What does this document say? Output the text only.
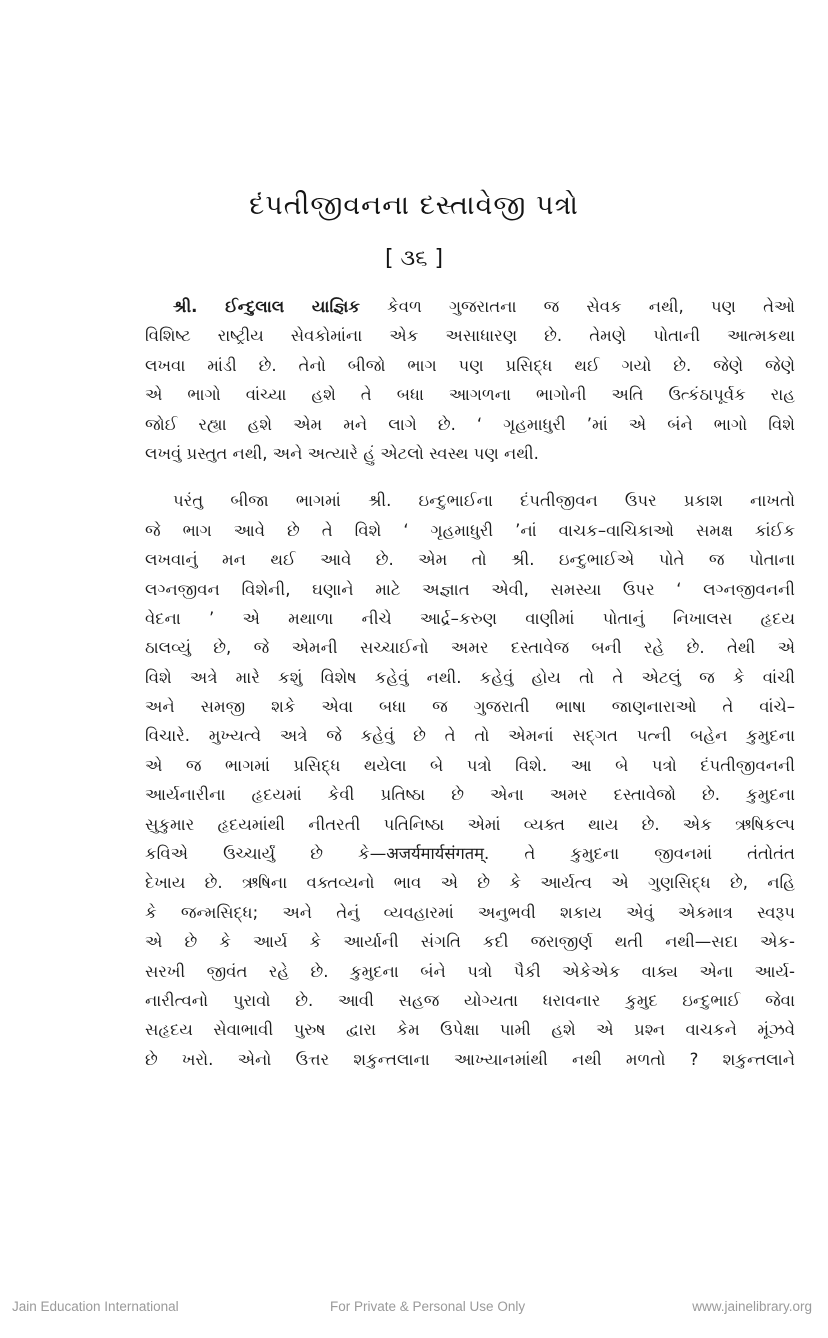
દંપતીજીવનના દસ્તાવેજી પત્રો
[ ૩૬ ]
શ્રી. ઈન્દુલાલ યાજ્ઞિક કેવળ ગુજરાતના જ સેવક નથી, પણ તેઓ
વિશિષ્ટ રાષ્ટ્રીય સેવકોમાંના એક અસાધારણ છે. તેમણે પોતાની આત્મકથા
લખવા માંડી છે. તેનો બીજો ભાગ પણ પ્રસિદ્ધ થઈ ગયો છે. જેણે જેણે
એ ભાગો વાંચ્યા હશે તે બધા આગળના ભાગોની અતિ ઉત્કંઠાપૂર્વક રાહ
જોઈ રહ્યા હશે એમ મને લાગે છે. ‘ ગૃહમાધુરી ’માં એ બંને ભાગો વિશે
લખવું પ્રસ્તુત નથી, અને અત્યારે હું એટલો સ્વસ્થ પણ નથી.
પરંતુ બીજા ભાગમાં શ્રી. ઇન્દુભાઈના દંપતીજીવન ઉપર પ્રકાશ નાખતો
જે ભાગ આવે છે તે વિશે ‘ ગૃહમાધુરી ’નાં વાચક–વાચિકાઓ સમક્ષ કાંઈક
લખવાનું મન થઈ આવે છે. એમ તો શ્રી. ઇન્દુભાઈએ પોતે જ પોતાના
લગ્નજીવન વિશેની, ઘણાને માટે અજ્ઞાત એવી, સમસ્યા ઉપર ‘ લગ્નજીવનની
વેદના ’ એ મથાળા નીચે આર્દ્ર–કરુણ વાણીમાં પોતાનું નિખાલસ હૃદય
ઠાલવ્યું છે, જે એમની સચ્ચાઈનો અમર દસ્તાવેજ બની રહે છે. તેથી એ
વિશે અત્રે મારે કશું વિશેષ કહેવું નથી. કહેવું હોય તો તે એટલું જ કે વાંચી
અને સમજી શકે એવા બધા જ ગુજરાતી ભાષા જાણનારાઓ તે વાંચે–
વિચારે. મુખ્યત્વે અત્રે જે કહેવું છે તે તો એમનાં સદ્ગત પત્ની બહેન કુમુદના
એ જ ભાગમાં પ્રસિદ્ધ થયેલા બે પત્રો વિશે. આ બે પત્રો દંપતીજીવનની
આર્યનારીના હૃદયમાં કેવી પ્રતિષ્ઠા છે એના અમર દસ્તાવેજો છે. કુમુદના
સુકુમાર હૃદયમાંથી નીતરતી પતિનિષ્ઠા એમાં વ્યક્ત થાય છે. એક ઋષિકલ્પ
કવિએ ઉચ્ચાર્યું છે કે—अजर्यमार्यसंगतम्. તે કુમુદના જીવનમાં તંતોતંત
દેખાય છે. ઋષિના વક્તવ્યનો ભાવ એ છે કે આર્યત્વ એ ગુણસિદ્ધ છે, નહિ
કે જન્મસિદ્ધ; અને તેનું વ્યવહારમાં અનુભવી શકાય એવું એકમાત્ર સ્વરૂપ
એ છે કે આર્ય કે આર્યાની સંગતિ કદી જરાજીર્ણ થતી નથી—સદા એક-
સરખી જીવંત રહે છે. કુમુદના બંને પત્રો પૈકી એકેએક વાક્ય એના આર્ય-
નારીત્વનો પુરાવો છે. આવી સહજ યોગ્યતા ધરાવનાર કુમુદ ઇન્દુભાઈ જેવા
સહૃદય સેવાભાવી પુરુષ દ્વારા કેમ ઉપેક્ષા પામી હશે એ પ્રશ્ન વાચકને મૂંઝવે
છે ખરો. એનો ઉત્તર શકુન્તલાના આખ્યાનમાંથી નથી મળતો ? શકુન્તલાને
Jain Education International	For Private & Personal Use Only	www.jainelibrary.org
